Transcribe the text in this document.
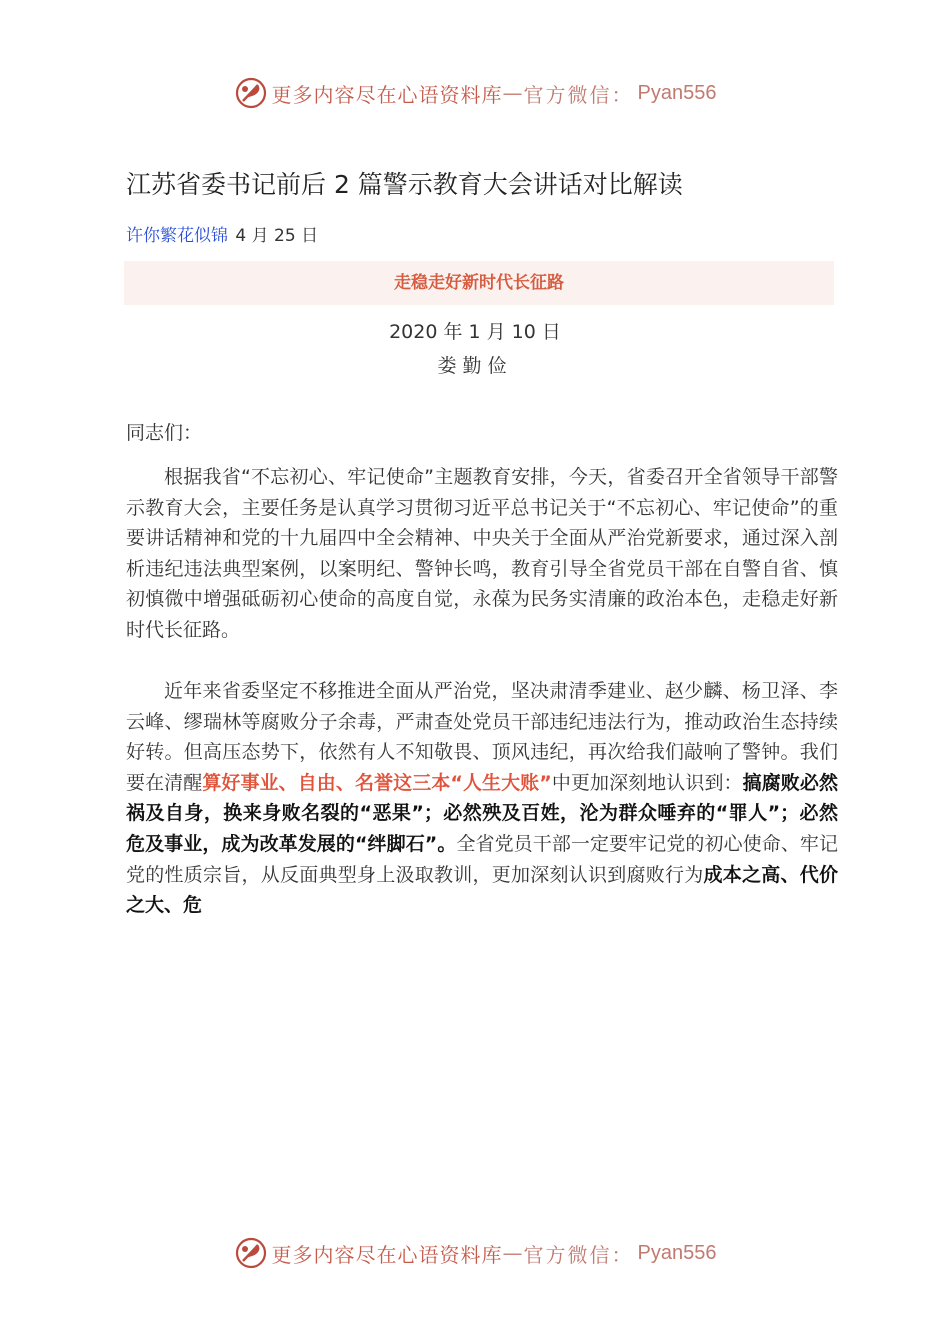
更多内容尽在心语资料库 — 官方微信： Pyan556
江苏省委书记前后 2 篇警示教育大会讲话对比解读
许你繁花似锦 4 月 25 日
走稳走好新时代长征路
2020 年 1 月 10 日
娄勤俭
同志们：

根据我省“不忘初心、牢记使命”主题教育安排，今天，省委召开全省领导干部警示教育大会，主要任务是认真学习贯彻习近平总书记关于“不忘初心、牢记使命”的重要讲话精神和党的十九届四中全会精神、中央关于全面从严治党新要求，通过深入剖析违纪违法典型案例，以案明纪、警钟长鸣，教育引导全省党员干部在自警自省、慎初慎微中增强砥砺初心使命的高度自觉，永葆为民务实清廉的政治本色，走稳走好新时代长征路。

近年来省委坚定不移推进全面从严治党，坚决肃清季建业、赵少麟、杨卫泽、李云峰、缪瑞林等腐败分子余毒，严肃查处党员干部违纪违法行为，推动政治生态持续好转。但高压态势下，依然有人不知敬畏、顶风违纪，再次给我们敲响了警钟。我们要在清醒算好事业、自由、名誉这三本“人生大账”中更加深刻地认识到：搞腐败必然祸及自身，换来身败名裂的“恶果”；必然殃及百姓，沦为群众唾弃的“罪人”；必然危及事业，成为改革发展的“绊脚石”。全省党员干部一定要牢记党的初心使命、牢记党的性质宗旨，从反面典型身上汲取教训，更加深刻认识到腐败行为成本之高、代价之大、危

更多内容尽在心语资料库 — 官方微信： Pyan556
